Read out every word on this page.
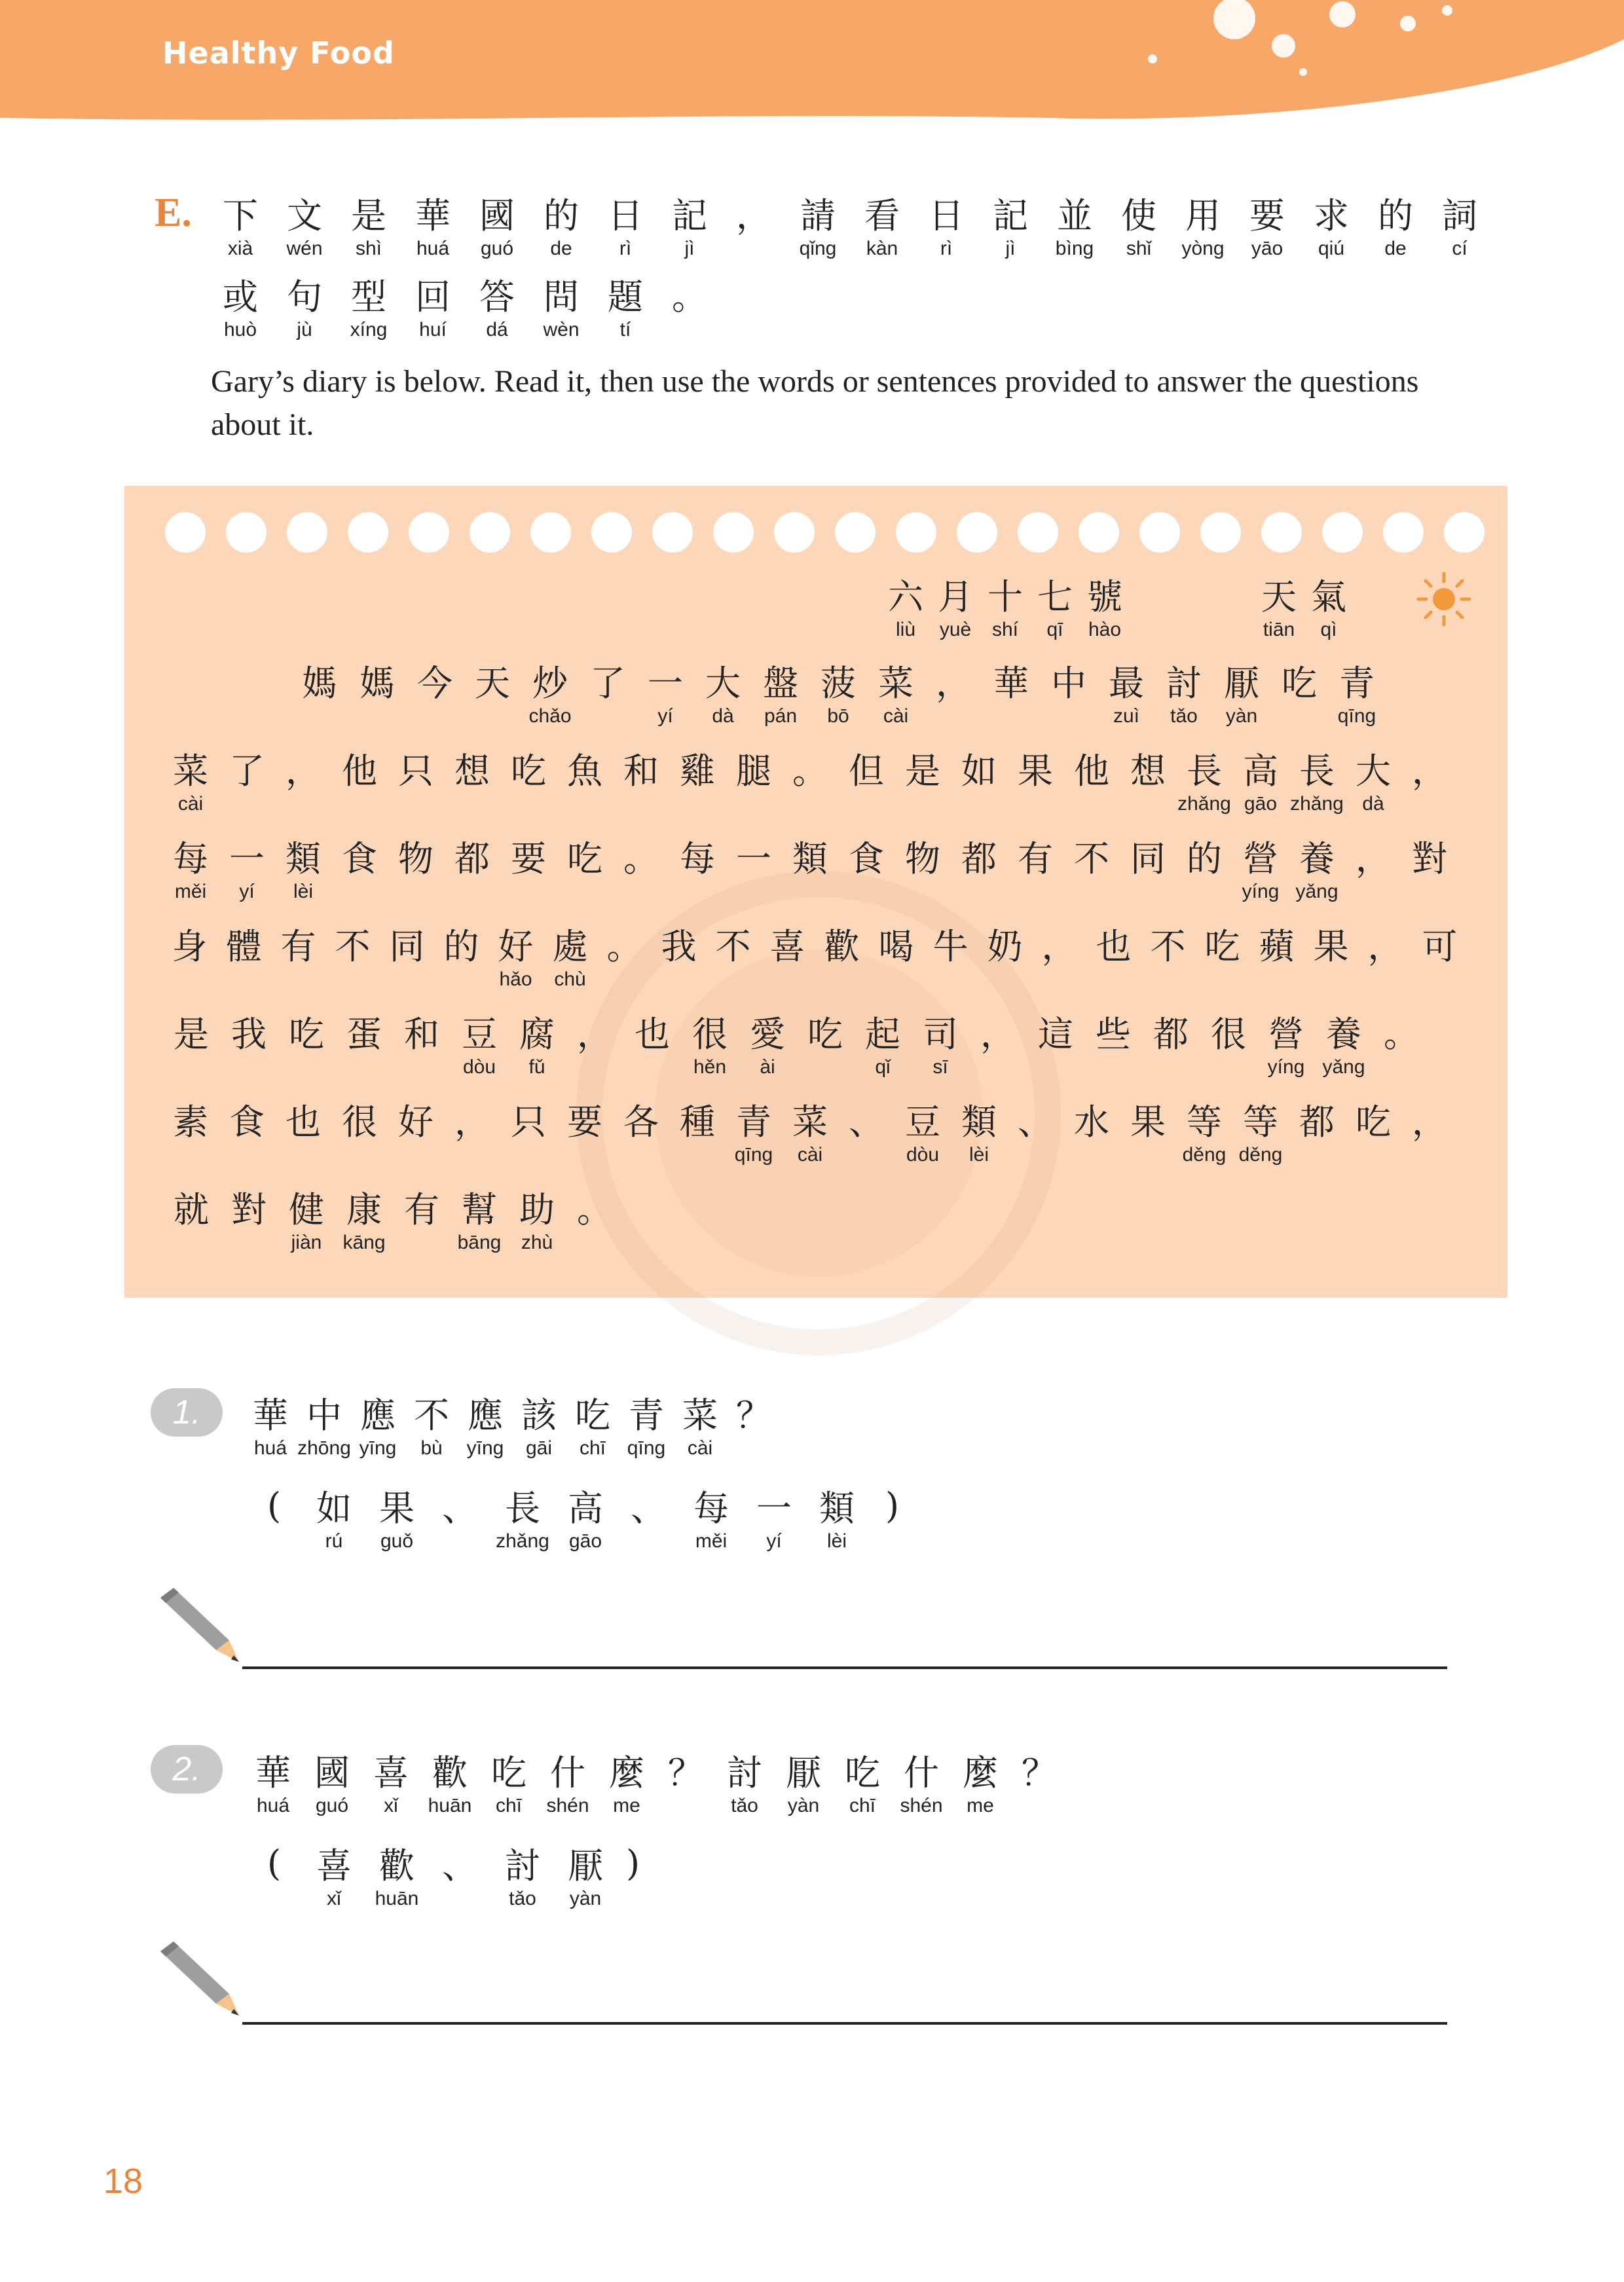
Healthy Food
E. 下
xià
文
wén
是
shì
華
huá
國
guó
的
de
日
rì
記
jì
，
請
qǐng
看
kàn
日
rì
記
jì
並
bìng
使
shǐ
用
yòng
要
yāo
求
qiú
的
de
詞
cí
或
huò
句
jù
型
xíng
回
huí
答
dá
問
wèn
題
tí
。

Gary’s diary is below. Read it, then use the words or sentences provided to answer the questions about it.
六
liù
月
yuè
十
shí
七
qī
號
hào
天
tiān
氣
qì
媽
媽
今
天
炒
chǎo
了
一
yí
大
dà
盤
pán
菠
bō
菜
cài
，
華
中
最
zuì
討
tǎo
厭
yàn
吃
青
qīng
菜
cài
了
，
他
只
想
吃
魚
和
雞
腿
。
但
是
如
果
他
想
長
zhǎng
高
gāo
長
zhǎng
大
dà
，

每
měi
一
yí
類
lèi
食
物
都
要
吃
。
每
一
類
食
物
都
有
不
同
的
營
yíng
養
yǎng
，
對

身
體
有
不
同
的
好
hǎo
處
chù
。
我
不
喜
歡
喝
牛
奶
，
也
不
吃
蘋
果
，
可

是
我
吃
蛋
和
豆
dòu
腐
fǔ
，
也
很
hěn
愛
ài
吃
起
qǐ
司
sī
，
這
些
都
很
營
yíng
養
yǎng
。

素
食
也
很
好
，
只
要
各
種
青
qīng
菜
cài
、
豆
dòu
類
lèi
、
水
果
等
děng
等
děng
都
吃
，

就
對
健
jiàn
康
kāng
有
幫
bāng
助
zhù
。

1.	華
huá
中
zhōng
應
yīng
不
bù
應
yīng
該
gāi
吃
chī
青
qīng
菜
cài
？

( 如
rú
果
guǒ
、
長
zhǎng
高
gāo
、
每
měi
一
yí
類
lèi
)
2.	華
huá
國
guó
喜
xǐ
歡
huān
吃
chī
什
shén
麼
me
？
討
tǎo
厭
yàn
吃
chī
什
shén
麼
me
？

( 喜
xǐ
歡
huān
、
討
tǎo
厭
yàn
)
18
